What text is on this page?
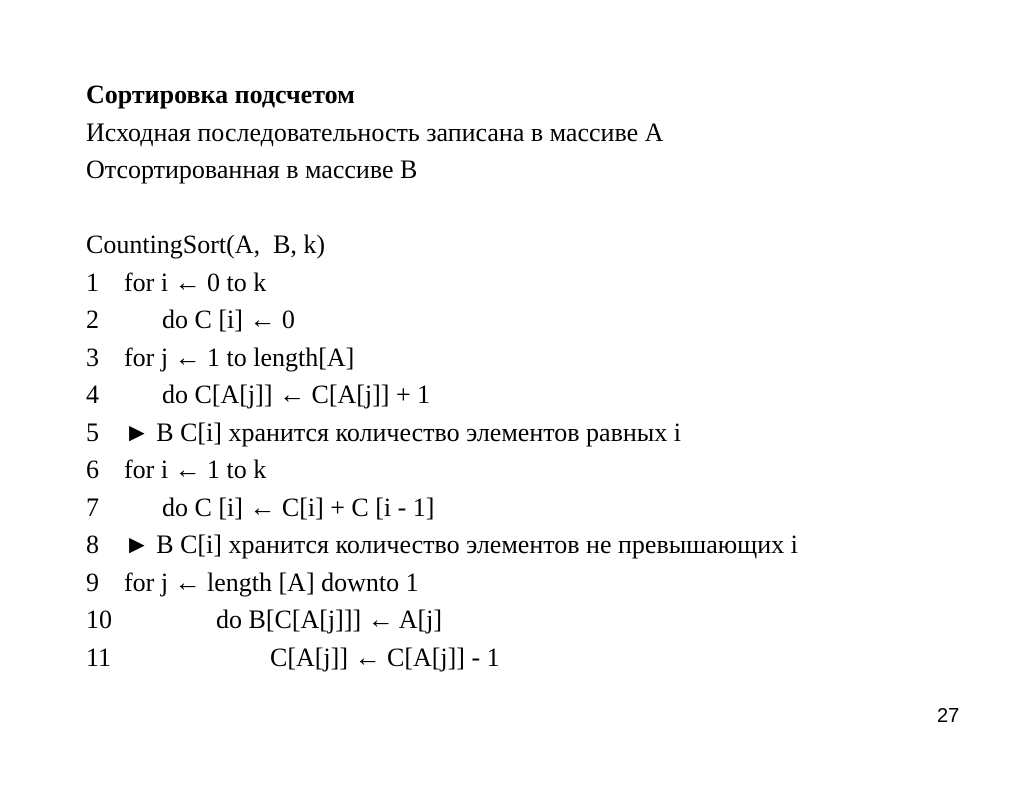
Сортировка подсчетом
Исходная последовательность записана в массиве А
Отсортированная в массиве В
CountingSort(A,  B, k)

1

for i ← 0 to k

2

do C [i] ← 0

3

for j ← 1 to length[A]

4

do C[A[j]] ← C[A[j]] + 1

5

► В C[i] хранится количество элементов равных i

6

for i ← 1 to k

7

do C [i] ← C[i] + C [i - 1]

8

► В C[i] хранится количество элементов не превышающих i

9

for j ← length [A] downto 1

10

	do B[C[A[j]]] ← A[j]

11

	C[A[j]] ← C[A[j]] - 1

27
